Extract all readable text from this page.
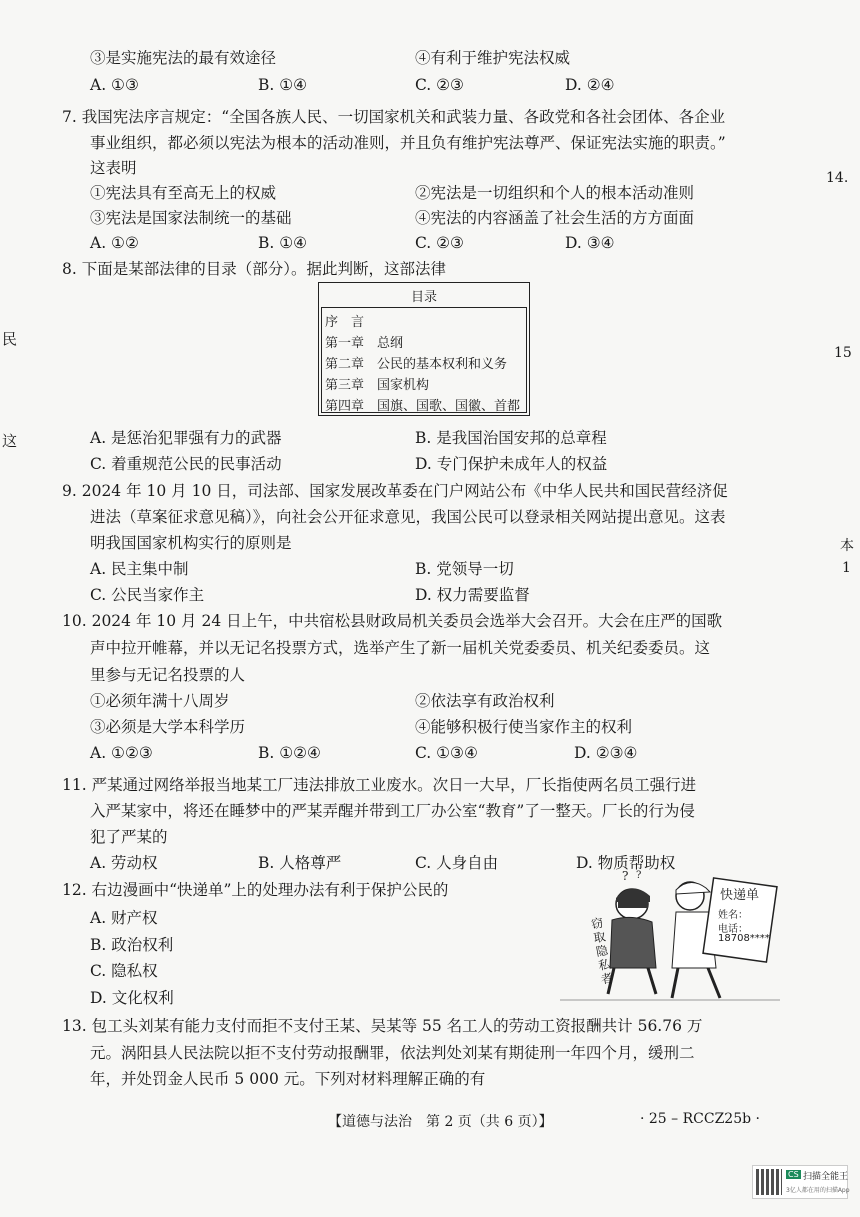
③是实施宪法的最有效途径	④有利于维护宪法权威
A. ①③	B. ①④	C. ②③	D. ②④
7. 我国宪法序言规定：“全国各族人民、一切国家机关和武装力量、各政党和各社会团体、各企业
事业组织，都必须以宪法为根本的活动准则，并且负有维护宪法尊严、保证宪法实施的职责。”
这表明
①宪法具有至高无上的权威	②宪法是一切组织和个人的根本活动准则
③宪法是国家法制统一的基础	④宪法的内容涵盖了社会生活的方方面面
A. ①②	B. ①④	C. ②③	D. ③④
8. 下面是某部法律的目录（部分）。据此判断，这部法律
目录
序　言
第一章　总纲
第二章　公民的基本权利和义务
第三章　国家机构
第四章　国旗、国歌、国徽、首都
A. 是惩治犯罪强有力的武器	B. 是我国治国安邦的总章程
C. 着重规范公民的民事活动	D. 专门保护未成年人的权益
9. 2024 年 10 月 10 日，司法部、国家发展改革委在门户网站公布《中华人民共和国民营经济促
进法（草案征求意见稿）》，向社会公开征求意见，我国公民可以登录相关网站提出意见。这表
明我国国家机构实行的原则是
A. 民主集中制	B. 党领导一切
C. 公民当家作主	D. 权力需要监督
10. 2024 年 10 月 24 日上午，中共宿松县财政局机关委员会选举大会召开。大会在庄严的国歌
声中拉开帷幕，并以无记名投票方式，选举产生了新一届机关党委委员、机关纪委委员。这
里参与无记名投票的人
①必须年满十八周岁	②依法享有政治权利
③必须是大学本科学历	④能够积极行使当家作主的权利
A. ①②③	B. ①②④	C. ①③④	D. ②③④
11. 严某通过网络举报当地某工厂违法排放工业废水。次日一大早，厂长指使两名员工强行进
入严某家中，将还在睡梦中的严某弄醒并带到工厂办公室“教育”了一整天。厂长的行为侵
犯了严某的
A. 劳动权	B. 人格尊严	C. 人身自由	D. 物质帮助权
12. 右边漫画中“快递单”上的处理办法有利于保护公民的
A. 财产权
B. 政治权利
C. 隐私权
D. 文化权利
? ?
快递单
姓名：
电话：
18708****
窃取隐私者
13. 包工头刘某有能力支付而拒不支付王某、吴某等 55 名工人的劳动工资报酬共计 56.76 万
元。涡阳县人民法院以拒不支付劳动报酬罪，依法判处刘某有期徒刑一年四个月，缓刑二
年，并处罚金人民币 5 000 元。下列对材料理解正确的有
【道德与法治　第 2 页（共 6 页）】	· 25 – RCCZ25b ·
14.
15
本
1
民
这
CS 扫描全能王
3亿人都在用的扫描App
